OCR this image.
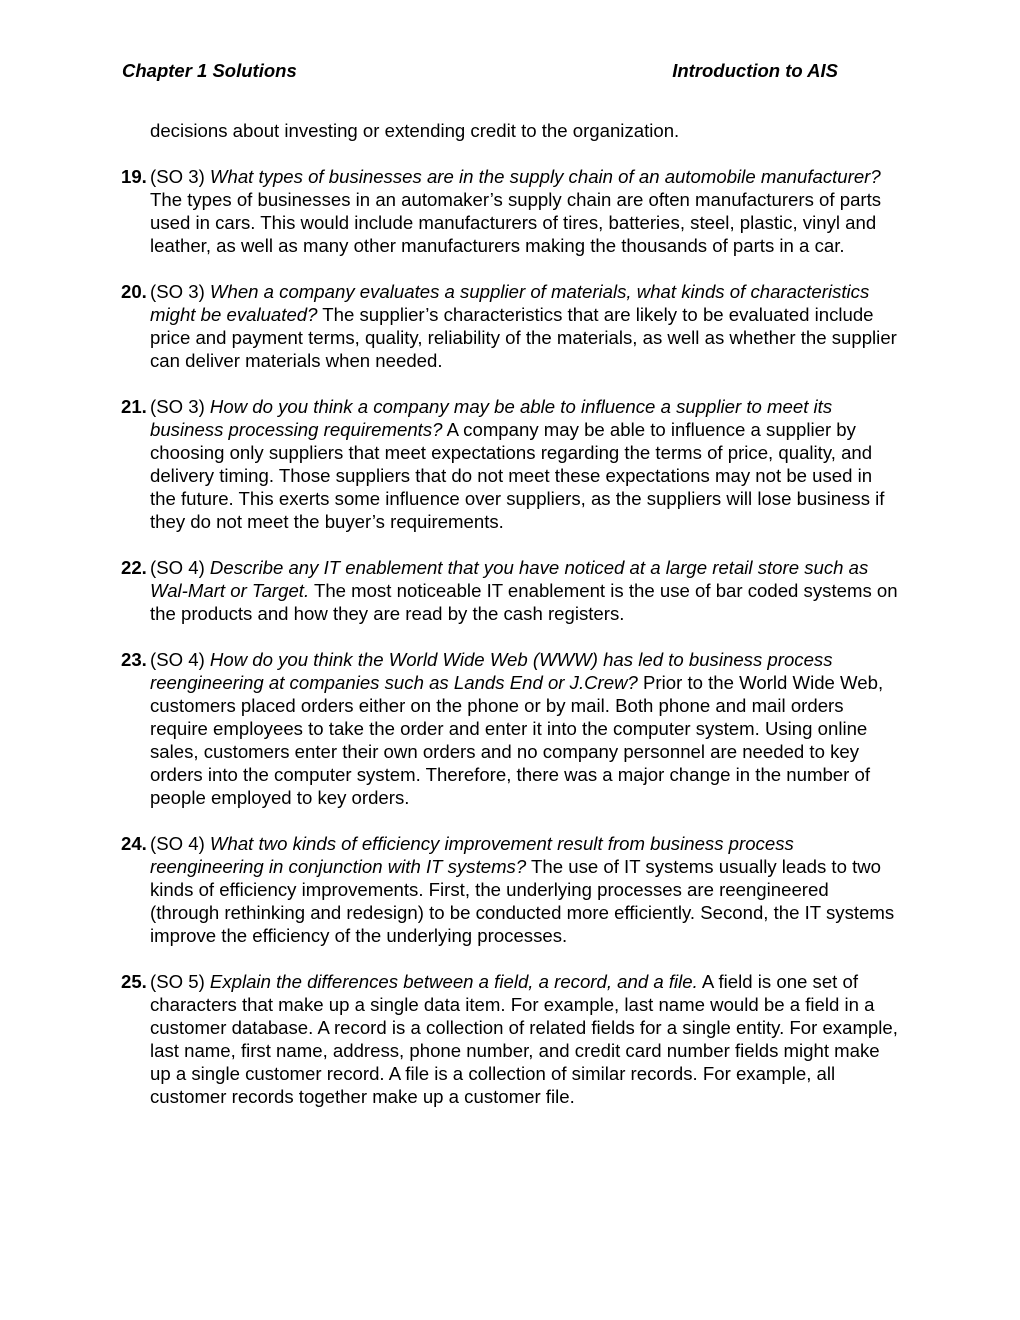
Chapter 1 Solutions	Introduction to AIS

decisions about investing or extending credit to the organization.

19. (SO 3) What types of businesses are in the supply chain of an automobile manufacturer? The types of businesses in an automaker’s supply chain are often manufacturers of parts used in cars. This would include manufacturers of tires, batteries, steel, plastic, vinyl and leather, as well as many other manufacturers making the thousands of parts in a car.
20. (SO 3) When a company evaluates a supplier of materials, what kinds of characteristics might be evaluated? The supplier’s characteristics that are likely to be evaluated include price and payment terms, quality, reliability of the materials, as well as whether the supplier can deliver materials when needed.
21. (SO 3) How do you think a company may be able to influence a supplier to meet its business processing requirements? A company may be able to influence a supplier by choosing only suppliers that meet expectations regarding the terms of price, quality, and delivery timing. Those suppliers that do not meet these expectations may not be used in the future. This exerts some influence over suppliers, as the suppliers will lose business if they do not meet the buyer’s requirements.
22. (SO 4) Describe any IT enablement that you have noticed at a large retail store such as Wal-Mart or Target. The most noticeable IT enablement is the use of bar coded systems on the products and how they are read by the cash registers.
23. (SO 4) How do you think the World Wide Web (WWW) has led to business process reengineering at companies such as Lands End or J.Crew? Prior to the World Wide Web, customers placed orders either on the phone or by mail. Both phone and mail orders require employees to take the order and enter it into the computer system. Using online sales, customers enter their own orders and no company personnel are needed to key orders into the computer system. Therefore, there was a major change in the number of people employed to key orders.
24. (SO 4) What two kinds of efficiency improvement result from business process reengineering in conjunction with IT systems? The use of IT systems usually leads to two kinds of efficiency improvements. First, the underlying processes are reengineered (through rethinking and redesign) to be conducted more efficiently. Second, the IT systems improve the efficiency of the underlying processes.
25. (SO 5) Explain the differences between a field, a record, and a file. A field is one set of characters that make up a single data item. For example, last name would be a field in a customer database. A record is a collection of related fields for a single entity. For example, last name, first name, address, phone number, and credit card number fields might make up a single customer record. A file is a collection of similar records. For example, all customer records together make up a customer file.
